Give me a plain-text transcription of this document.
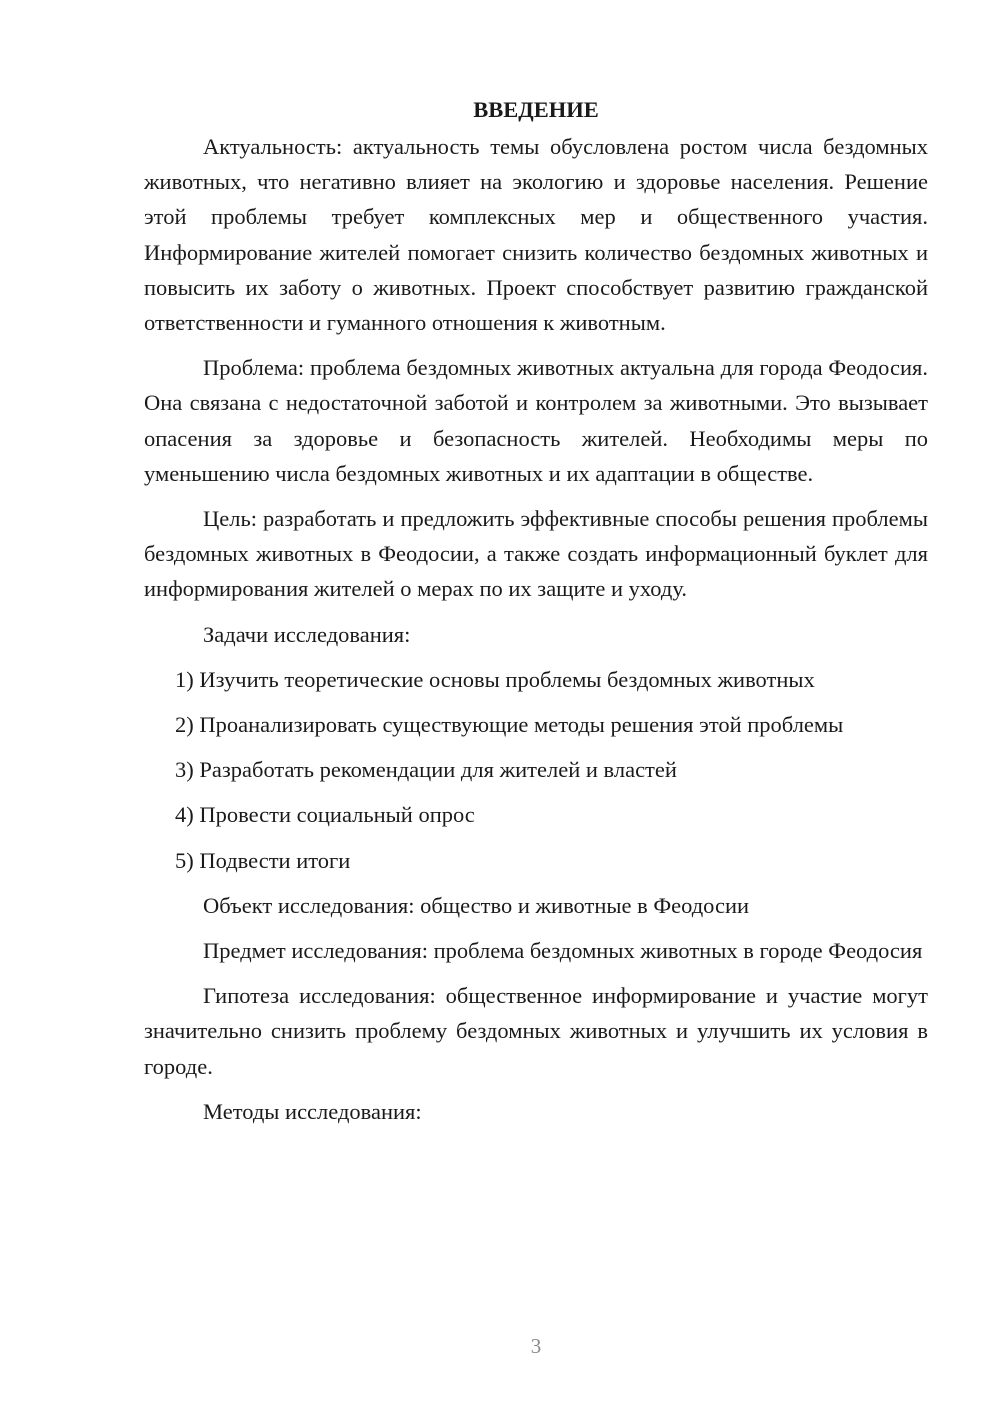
ВВЕДЕНИЕ

Актуальность: актуальность темы обусловлена ростом числа бездомных животных, что негативно влияет на экологию и здоровье населения. Решение этой проблемы требует комплексных мер и общественного участия. Информирование жителей помогает снизить количество бездомных животных и повысить их заботу о животных. Проект способствует развитию гражданской ответственности и гуманного отношения к животным.

Проблема: проблема бездомных животных актуальна для города Феодосия. Она связана с недостаточной заботой и контролем за животными. Это вызывает опасения за здоровье и безопасность жителей. Необходимы меры по уменьшению числа бездомных животных и их адаптации в обществе.

Цель: разработать и предложить эффективные способы решения проблемы бездомных животных в Феодосии, а также создать информационный буклет для информирования жителей о мерах по их защите и уходу.

Задачи исследования:

1) Изучить теоретические основы проблемы бездомных животных
2) Проанализировать существующие методы решения этой проблемы
3) Разработать рекомендации для жителей и властей
4) Провести социальный опрос
5) Подвести итоги

Объект исследования: общество и животные в Феодосии

Предмет исследования: проблема бездомных животных в городе Феодосия

Гипотеза исследования: общественное информирование и участие могут значительно снизить проблему бездомных животных и улучшить их условия в городе.

Методы исследования:

3
